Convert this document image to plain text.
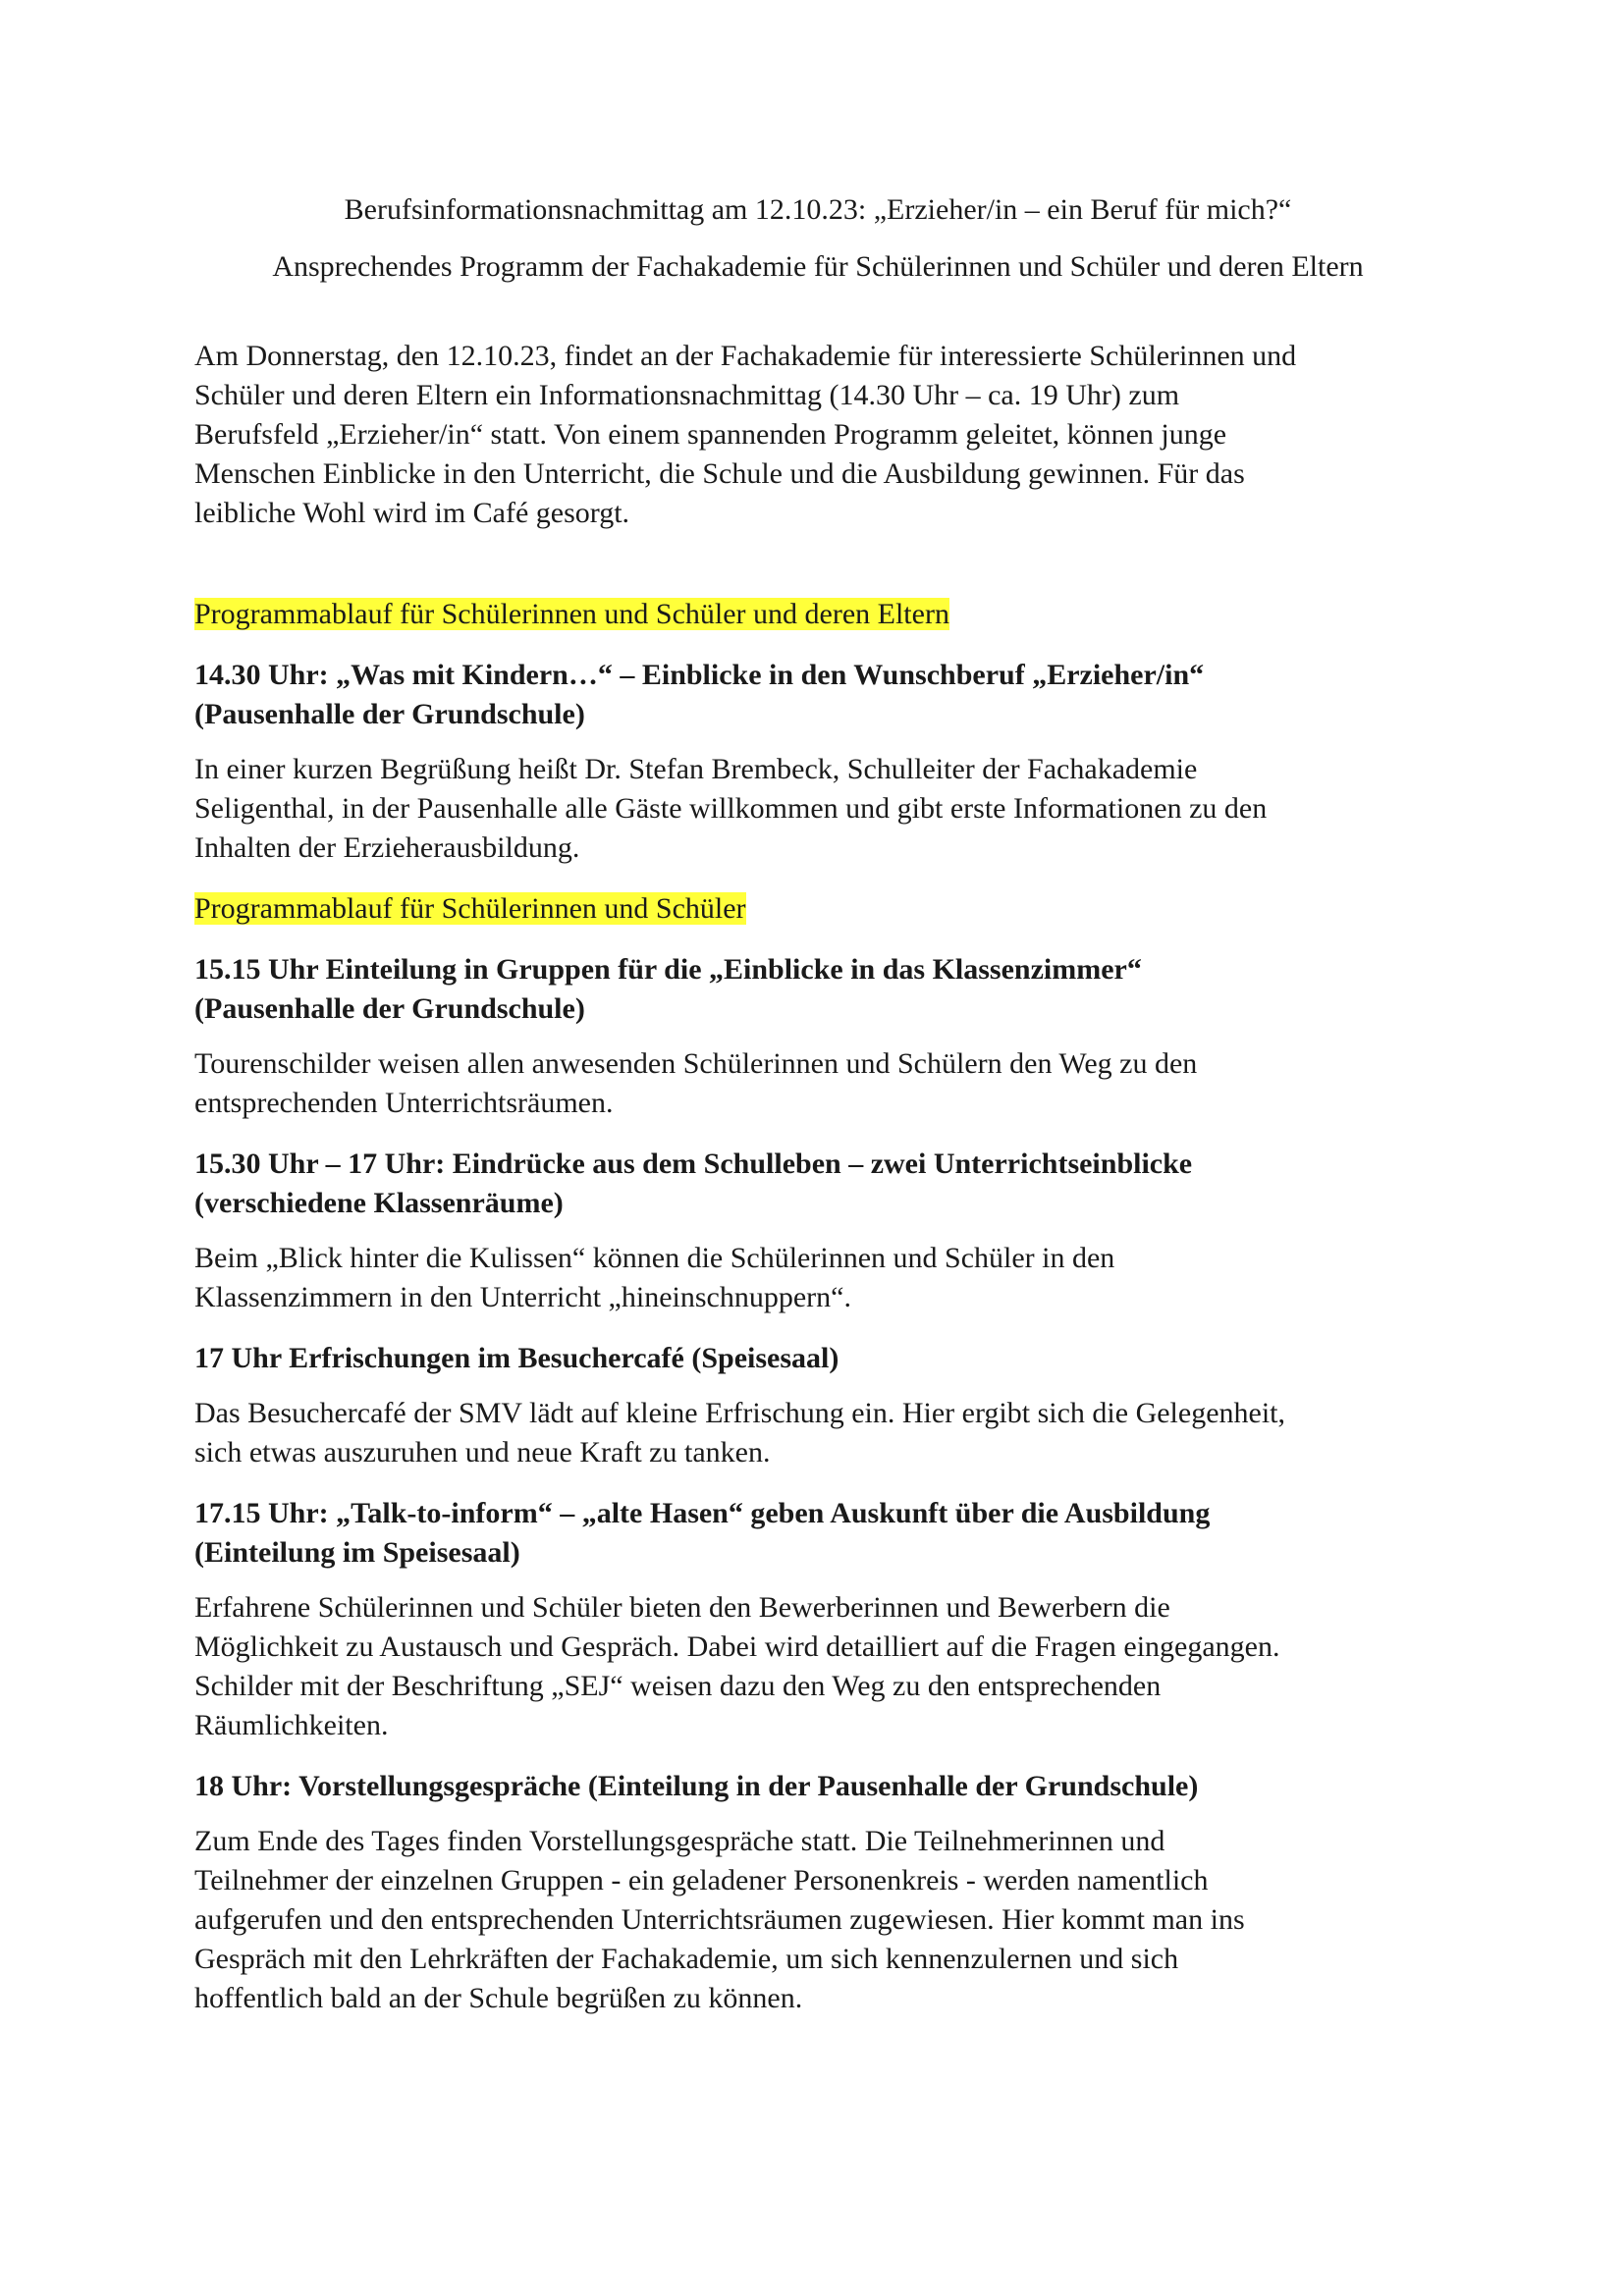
Berufsinformationsnachmittag am 12.10.23: „Erzieher/in – ein Beruf für mich?“

Ansprechendes Programm der Fachakademie für Schülerinnen und Schüler und deren Eltern

Am Donnerstag, den 12.10.23, findet an der Fachakademie für interessierte Schülerinnen und
Schüler und deren Eltern ein Informationsnachmittag (14.30 Uhr – ca. 19 Uhr) zum
Berufsfeld „Erzieher/in“ statt. Von einem spannenden Programm geleitet, können junge
Menschen Einblicke in den Unterricht, die Schule und die Ausbildung gewinnen. Für das
leibliche Wohl wird im Café gesorgt.

Programmablauf für Schülerinnen und Schüler und deren Eltern

14.30 Uhr: „Was mit Kindern…“ – Einblicke in den Wunschberuf „Erzieher/in“
(Pausenhalle der Grundschule)

In einer kurzen Begrüßung heißt Dr. Stefan Brembeck, Schulleiter der Fachakademie
Seligenthal, in der Pausenhalle alle Gäste willkommen und gibt erste Informationen zu den
Inhalten der Erzieherausbildung.

Programmablauf für Schülerinnen und Schüler

15.15 Uhr Einteilung in Gruppen für die „Einblicke in das Klassenzimmer“
(Pausenhalle der Grundschule)

Tourenschilder weisen allen anwesenden Schülerinnen und Schülern den Weg zu den
entsprechenden Unterrichtsräumen.

15.30 Uhr – 17 Uhr: Eindrücke aus dem Schulleben – zwei Unterrichtseinblicke
(verschiedene Klassenräume)

Beim „Blick hinter die Kulissen“ können die Schülerinnen und Schüler in den
Klassenzimmern in den Unterricht „hineinschnuppern“.

17 Uhr Erfrischungen im Besuchercafé (Speisesaal)

Das Besuchercafé der SMV lädt auf kleine Erfrischung ein. Hier ergibt sich die Gelegenheit,
sich etwas auszuruhen und neue Kraft zu tanken.

17.15 Uhr: „Talk-to-inform“ – „alte Hasen“ geben Auskunft über die Ausbildung
(Einteilung im Speisesaal)

Erfahrene Schülerinnen und Schüler bieten den Bewerberinnen und Bewerbern die
Möglichkeit zu Austausch und Gespräch. Dabei wird detailliert auf die Fragen eingegangen.
Schilder mit der Beschriftung „SEJ“ weisen dazu den Weg zu den entsprechenden
Räumlichkeiten.

18 Uhr: Vorstellungsgespräche (Einteilung in der Pausenhalle der Grundschule)

Zum Ende des Tages finden Vorstellungsgespräche statt. Die Teilnehmerinnen und
Teilnehmer der einzelnen Gruppen - ein geladener Personenkreis - werden namentlich
aufgerufen und den entsprechenden Unterrichtsräumen zugewiesen. Hier kommt man ins
Gespräch mit den Lehrkräften der Fachakademie, um sich kennenzulernen und sich
hoffentlich bald an der Schule begrüßen zu können.
